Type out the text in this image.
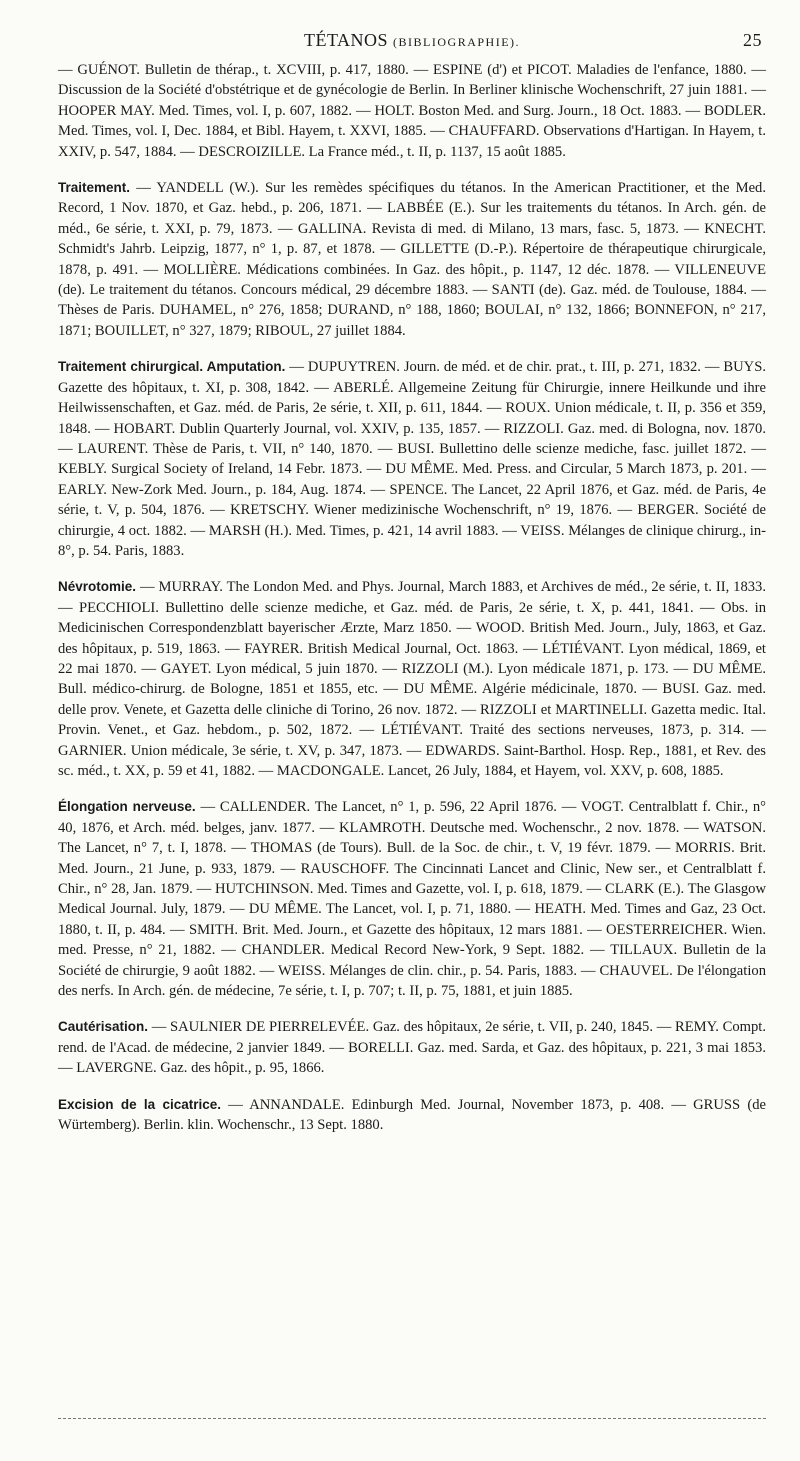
TÉTANOS (BIBLIOGRAPHIE).	25

— GUÉNOT. Bulletin de thérap., t. XCVIII, p. 417, 1880. — ESPINE (d') et PICOT. Maladies de l'enfance, 1880. —Discussion de la Société d'obstétrique et de gynécologie de Berlin. In Berliner klinische Wochenschrift, 27 juin 1881. — HOOPER MAY. Med. Times, vol. I, p. 607, 1882. — HOLT. Boston Med. and Surg. Journ., 18 Oct. 1883. — BODLER. Med. Times, vol. I, Dec. 1884, et Bibl. Hayem, t. XXVI, 1885. — CHAUFFARD. Observations d'Hartigan. In Hayem, t. XXIV, p. 547, 1884. — DESCROIZILLE. La France méd., t. II, p. 1137, 15 août 1885.

Traitement. — YANDELL (W.). Sur les remèdes spécifiques du tétanos. In the American Practitioner, et the Med. Record, 1 Nov. 1870, et Gaz. hebd., p. 206, 1871. — LABBÉE (E.). Sur les traitements du tétanos. In Arch. gén. de méd., 6e série, t. XXI, p. 79, 1873. — GALLINA. Revista di med. di Milano, 13 mars, fasc. 5, 1873. — KNECHT. Schmidt's Jahrb. Leipzig, 1877, n° 1, p. 87, et 1878. — GILLETTE (D.-P.). Répertoire de thérapeutique chirurgicale, 1878, p. 491. — MOLLIÈRE. Médications combinées. In Gaz. des hôpit., p. 1147, 12 déc. 1878. — VILLENEUVE (de). Le traitement du tétanos. Concours médical, 29 décembre 1883. — SANTI (de). Gaz. méd. de Toulouse, 1884. — Thèses de Paris. DUHAMEL, n° 276, 1858; DURAND, n° 188, 1860; BOULAI, n° 132, 1866; BONNEFON, n° 217, 1871; BOUILLET, n° 327, 1879; RIBOUL, 27 juillet 1884.

Traitement chirurgical. Amputation. — DUPUYTREN. Journ. de méd. et de chir. prat., t. III, p. 271, 1832. — BUYS. Gazette des hôpitaux, t. XI, p. 308, 1842. — ABERLÉ. Allgemeine Zeitung für Chirurgie, innere Heilkunde und ihre Heilwissenschaften, et Gaz. méd. de Paris, 2e série, t. XII, p. 611, 1844. — ROUX. Union médicale, t. II, p. 356 et 359, 1848. — HOBART. Dublin Quarterly Journal, vol. XXIV, p. 135, 1857. — RIZZOLI. Gaz. med. di Bologna, nov. 1870. — LAURENT. Thèse de Paris, t. VII, n° 140, 1870. — BUSI. Bullettino delle scienze mediche, fasc. juillet 1872. — KEBLY. Surgical Society of Ireland, 14 Febr. 1873. — DU MÊME. Med. Press. and Circular, 5 March 1873, p. 201. — EARLY. New-Zork Med. Journ., p. 184, Aug. 1874. — SPENCE. The Lancet, 22 April 1876, et Gaz. méd. de Paris, 4e série, t. V, p. 504, 1876. — KRETSCHY. Wiener medizinische Wochenschrift, n° 19, 1876. — BERGER. Société de chirurgie, 4 oct. 1882. — MARSH (H.). Med. Times, p. 421, 14 avril 1883. — VEISS. Mélanges de clinique chirurg., in-8°, p. 54. Paris, 1883.

Névrotomie. — MURRAY. The London Med. and Phys. Journal, March 1883, et Archives de méd., 2e série, t. II, 1833. — PECCHIOLI. Bullettino delle scienze mediche, et Gaz. méd. de Paris, 2e série, t. X, p. 441, 1841. — Obs. in Medicinischen Correspondenzblatt bayerischer Ærzte, Marz 1850. — WOOD. British Med. Journ., July, 1863, et Gaz. des hôpitaux, p. 519, 1863. — FAYRER. British Medical Journal, Oct. 1863. — LÉTIÉVANT. Lyon médical, 1869, et 22 mai 1870. — GAYET. Lyon médical, 5 juin 1870. — RIZZOLI (M.). Lyon médicale 1871, p. 173. — DU MÊME. Bull. médico-chirurg. de Bologne, 1851 et 1855, etc. — DU MÊME. Algérie médicinale, 1870. — BUSI. Gaz. med. delle prov. Venete, et Gazetta delle cliniche di Torino, 26 nov. 1872. — RIZZOLI et MARTINELLI. Gazetta medic. Ital. Provin. Venet., et Gaz. hebdom., p. 502, 1872. — LÉTIÉVANT. Traité des sections nerveuses, 1873, p. 314. — GARNIER. Union médicale, 3e série, t. XV, p. 347, 1873. — EDWARDS. Saint-Barthol. Hosp. Rep., 1881, et Rev. des sc. méd., t. XX, p. 59 et 41, 1882. — MACDONGALE. Lancet, 26 July, 1884, et Hayem, vol. XXV, p. 608, 1885.

Élongation nerveuse. — CALLENDER. The Lancet, n° 1, p. 596, 22 April 1876. — VOGT. Centralblatt f. Chir., n° 40, 1876, et Arch. méd. belges, janv. 1877. — KLAMROTH. Deutsche med. Wochenschr., 2 nov. 1878. — WATSON. The Lancet, n° 7, t. I, 1878. — THOMAS (de Tours). Bull. de la Soc. de chir., t. V, 19 févr. 1879. — MORRIS. Brit. Med. Journ., 21 June, p. 933, 1879. — RAUSCHOFF. The Cincinnati Lancet and Clinic, New ser., et Centralblatt f. Chir., n° 28, Jan. 1879. — HUTCHINSON. Med. Times and Gazette, vol. I, p. 618, 1879. — CLARK (E.). The Glasgow Medical Journal. July, 1879. — DU MÊME. The Lancet, vol. I, p. 71, 1880. — HEATH. Med. Times and Gaz, 23 Oct. 1880, t. II, p. 484. — SMITH. Brit. Med. Journ., et Gazette des hôpitaux, 12 mars 1881. — OESTERREICHER. Wien. med. Presse, n° 21, 1882. — CHANDLER. Medical Record New-York, 9 Sept. 1882. — TILLAUX. Bulletin de la Société de chirurgie, 9 août 1882. — WEISS. Mélanges de clin. chir., p. 54. Paris, 1883. — CHAUVEL. De l'élongation des nerfs. In Arch. gén. de médecine, 7e série, t. I, p. 707; t. II, p. 75, 1881, et juin 1885.

Cautérisation. — SAULNIER DE PIERRELEVÉE. Gaz. des hôpitaux, 2e série, t. VII, p. 240, 1845. — REMY. Compt. rend. de l'Acad. de médecine, 2 janvier 1849. — BORELLI. Gaz. med. Sarda, et Gaz. des hôpitaux, p. 221, 3 mai 1853. — LAVERGNE. Gaz. des hôpit., p. 95, 1866.

Excision de la cicatrice. — ANNANDALE. Edinburgh Med. Journal, November 1873, p. 408. — GRUSS (de Würtemberg). Berlin. klin. Wochenschr., 13 Sept. 1880.
